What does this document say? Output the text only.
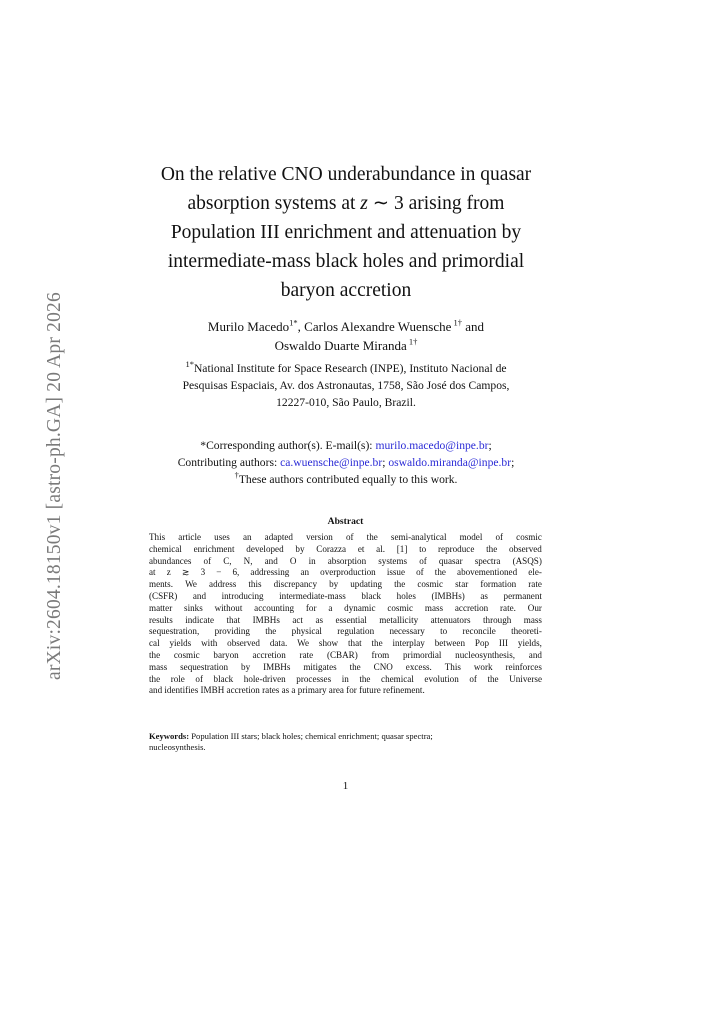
arXiv:2604.18150v1 [astro-ph.GA] 20 Apr 2026
On the relative CNO underabundance in quasar
absorption systems at z ∼ 3 arising from
Population III enrichment and attenuation by
intermediate-mass black holes and primordial
baryon accretion
Murilo Macedo$^{1*}$, Carlos Alexandre Wuensche $^{1\dagger}$ and
Oswaldo Duarte Miranda $^{1\dagger}$
$^{1*}$National Institute for Space Research (INPE), Instituto Nacional de
Pesquisas Espaciais, Av. dos Astronautas, 1758, São José dos Campos,
12227-010, São Paulo, Brazil.
*Corresponding author(s). E-mail(s): murilo.macedo@inpe.br;
Contributing authors: ca.wuensche@inpe.br; oswaldo.miranda@inpe.br;
†These authors contributed equally to this work.
Abstract
This article uses an adapted version of the semi-analytical model of cosmic
chemical enrichment developed by Corazza et al. [1] to reproduce the observed
abundances of C, N, and O in absorption systems of quasar spectra (ASQS)
at z ≳ 3 − 6, addressing an overproduction issue of the abovementioned ele-
ments. We address this discrepancy by updating the cosmic star formation rate
(CSFR) and introducing intermediate-mass black holes (IMBHs) as permanent
matter sinks without accounting for a dynamic cosmic mass accretion rate. Our
results indicate that IMBHs act as essential metallicity attenuators through mass
sequestration, providing the physical regulation necessary to reconcile theoreti-
cal yields with observed data. We show that the interplay between Pop III yields,
the cosmic baryon accretion rate (CBAR) from primordial nucleosynthesis, and
mass sequestration by IMBHs mitigates the CNO excess. This work reinforces
the role of black hole-driven processes in the chemical evolution of the Universe
and identifies IMBH accretion rates as a primary area for future refinement.
Keywords: Population III stars; black holes; chemical enrichment; quasar spectra;
nucleosynthesis.
1
